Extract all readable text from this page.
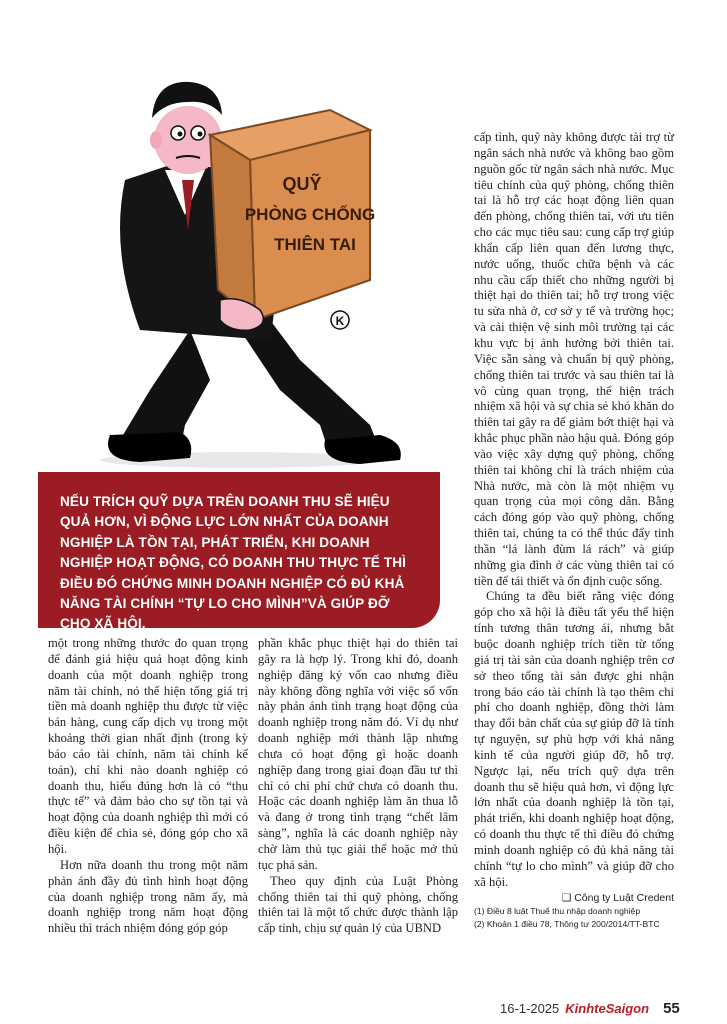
QUỸ
PHÒNG CHỐNG
THIÊN TAI
K

NẾU TRÍCH QUỸ DỰA TRÊN DOANH THU SẼ HIỆU QUẢ HƠN, VÌ ĐỘNG LỰC LỚN NHẤT CỦA DOANH NGHIỆP LÀ TỒN TẠI, PHÁT TRIỂN, KHI DOANH NGHIỆP HOẠT ĐỘNG, CÓ DOANH THU THỰC TẾ THÌ ĐIỀU ĐÓ CHỨNG MINH DOANH NGHIỆP CÓ ĐỦ KHẢ NĂNG TÀI CHÍNH “TỰ LO CHO MÌNH”VÀ GIÚP ĐỠ CHO XÃ HỘI.

một trong những thước đo quan trọng để đánh giá hiệu quả hoạt động kinh doanh của một doanh nghiệp trong năm tài chính, nó thể hiện tổng giá trị tiền mà doanh nghiệp thu được từ việc bán hàng, cung cấp dịch vụ trong một khoảng thời gian nhất định (trong kỳ báo cáo tài chính, năm tài chính kế toán), chỉ khi nào doanh nghiệp có doanh thu, hiểu đúng hơn là có “thu thực tế” và đảm bảo cho sự tồn tại và hoạt động của doanh nghiệp thì mới có điều kiện để chia sẻ, đóng góp cho xã hội.

Hơn nữa doanh thu trong một năm phản ánh đầy đủ tình hình hoạt động của doanh nghiệp trong năm ấy, mà doanh nghiệp trong năm hoạt động nhiều thì trách nhiệm đóng góp góp

phần khắc phục thiệt hại do thiên tai gây ra là hợp lý. Trong khi đó, doanh nghiệp đăng ký vốn cao nhưng điều này không đồng nghĩa với việc số vốn này phản ánh tình trạng hoạt động của doanh nghiệp trong năm đó. Ví dụ như doanh nghiệp mới thành lập nhưng chưa có hoạt động gì hoặc doanh nghiệp đang trong giai đoạn đầu tư thì chỉ có chi phí chứ chưa có doanh thu. Hoặc các doanh nghiệp làm ăn thua lỗ và đang ở trong tình trạng “chết lâm sàng”, nghĩa là các doanh nghiệp này chờ làm thủ tục giải thể hoặc mở thủ tục phá sản.

Theo quy định của Luật Phòng chống thiên tai thì quỹ phòng, chống thiên tai là một tổ chức được thành lập cấp tỉnh, chịu sự quản lý của UBND

cấp tỉnh, quỹ này không được tài trợ từ ngân sách nhà nước và không bao gồm nguồn gốc từ ngân sách nhà nước. Mục tiêu chính của quỹ phòng, chống thiên tai là hỗ trợ các hoạt động liên quan đến phòng, chống thiên tai, với ưu tiên cho các mục tiêu sau: cung cấp trợ giúp khẩn cấp liên quan đến lương thực, nước uống, thuốc chữa bệnh và các nhu cầu cấp thiết cho những người bị thiệt hại do thiên tai; hỗ trợ trong việc tu sửa nhà ở, cơ sở y tế và trường học; và cải thiện vệ sinh môi trường tại các khu vực bị ảnh hưởng bởi thiên tai. Việc sẵn sàng và chuẩn bị quỹ phòng, chống thiên tai trước và sau thiên tai là vô cùng quan trọng, thể hiện trách nhiệm xã hội và sự chia sẻ khó khăn do thiên tai gây ra để giảm bớt thiệt hại và khắc phục phần nào hậu quả. Đóng góp vào việc xây dựng quỹ phòng, chống thiên tai không chỉ là trách nhiệm của Nhà nước, mà còn là một nhiệm vụ quan trọng của mọi công dân. Bằng cách đóng góp vào quỹ phòng, chống thiên tai, chúng ta có thể thúc đẩy tinh thần “lá lành đùm lá rách” và giúp những gia đình ở các vùng thiên tai có tiền để tái thiết và ổn định cuộc sống.

Chúng ta đều biết rằng việc đóng góp cho xã hội là điều tất yếu thể hiện tính tương thân tương ái, nhưng bắt buộc doanh nghiệp trích tiền từ tổng giá trị tài sản của doanh nghiệp trên cơ sở theo tổng tài sản được ghi nhận trong báo cáo tài chính là tạo thêm chi phí cho doanh nghiệp, đồng thời làm thay đổi bản chất của sự giúp đỡ là tính tự nguyện, sự phù hợp với khả năng kinh tế của người giúp đỡ, hỗ trợ. Ngược lại, nếu trích quỹ dựa trên doanh thu sẽ hiệu quả hơn, vì động lực lớn nhất của doanh nghiệp là tồn tại, phát triển, khi doanh nghiệp hoạt động, có doanh thu thực tế thì điều đó chứng minh doanh nghiệp có đủ khả năng tài chính “tự lo cho mình” và giúp đỡ cho xã hội.

❑ Công ty Luật Credent
(1) Điều 8 luật Thuế thu nhập doanh nghiệp
(2) Khoản 1 điều 78, Thông tư 200/2014/TT-BTC
16-1-2025 KinhteSaigon 55
